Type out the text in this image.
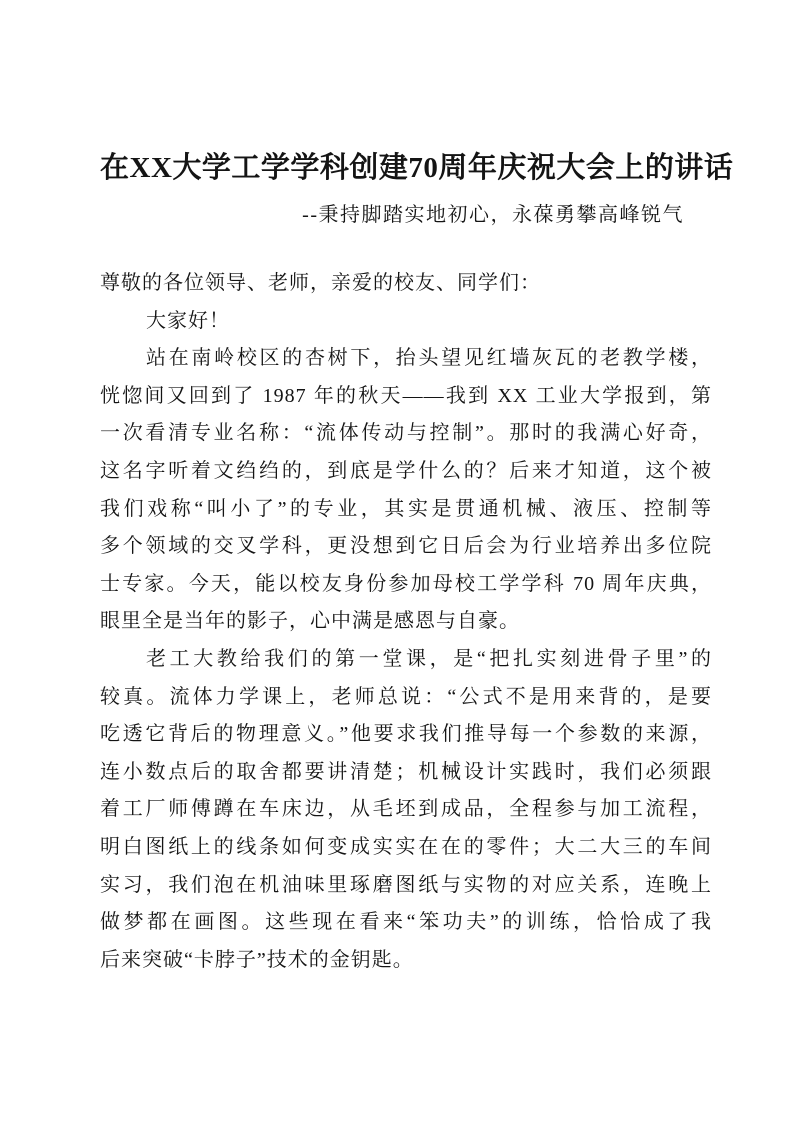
在XX大学工学学科创建70周年庆祝大会上的讲话
--秉持脚踏实地初心，永葆勇攀高峰锐气
尊敬的各位领导、老师，亲爱的校友、同学们：
大家好！
站在南岭校区的杏树下，抬头望见红墙灰瓦的老教学楼，
恍惚间又回到了 1987 年的秋天——我到 XX 工业大学报到，第
一次看清专业名称：“流体传动与控制”。那时的我满心好奇，
这名字听着文绉绉的，到底是学什么的？后来才知道，这个被
我们戏称“叫小了”的专业，其实是贯通机械、液压、控制等
多个领域的交叉学科，更没想到它日后会为行业培养出多位院
士专家。今天，能以校友身份参加母校工学学科 70 周年庆典，
眼里全是当年的影子，心中满是感恩与自豪。
老工大教给我们的第一堂课，是“把扎实刻进骨子里”的
较真。流体力学课上，老师总说：“公式不是用来背的，是要
吃透它背后的物理意义。”他要求我们推导每一个参数的来源，
连小数点后的取舍都要讲清楚；机械设计实践时，我们必须跟
着工厂师傅蹲在车床边，从毛坯到成品，全程参与加工流程，
明白图纸上的线条如何变成实实在在的零件；大二大三的车间
实习，我们泡在机油味里琢磨图纸与实物的对应关系，连晚上
做梦都在画图。这些现在看来“笨功夫”的训练，恰恰成了我
后来突破“卡脖子”技术的金钥匙。
